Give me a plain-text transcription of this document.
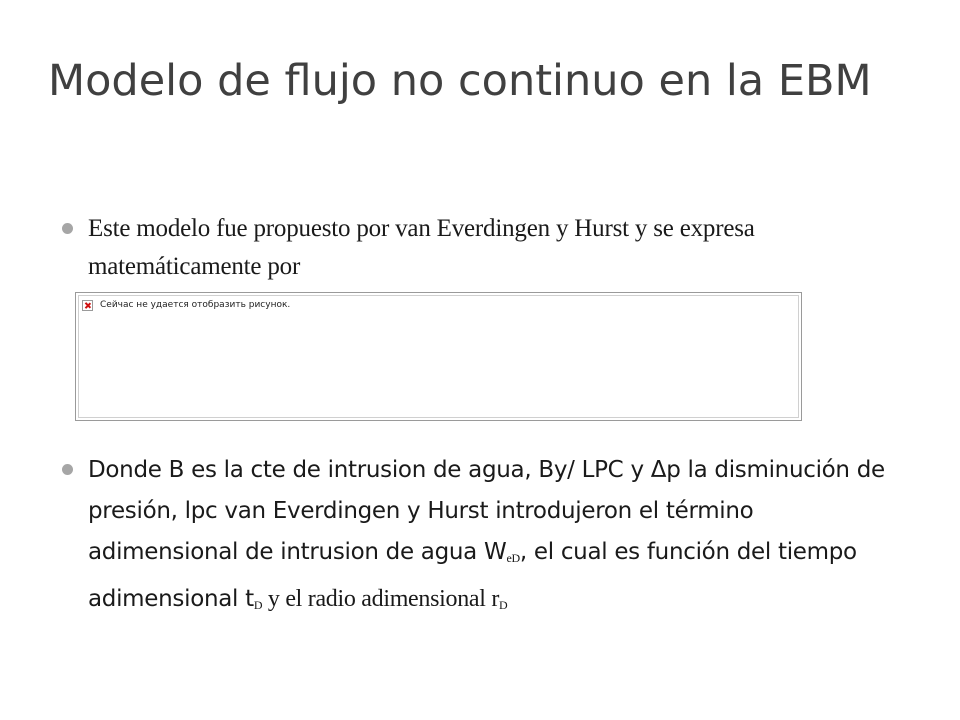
Modelo de flujo no continuo en la EBM
Este modelo fue propuesto por van Everdingen y Hurst y se expresa matemáticamente por
Сейчас не удается отобразить рисунок.
Donde B es la cte de intrusion de agua, By/ LPC y Δp la disminución de presión, lpc van Everdingen y Hurst introdujeron el término adimensional de intrusion de agua $W_{eD}$, el cual es función del tiempo adimensional $t_D$ y el radio adimensional $r_D$
